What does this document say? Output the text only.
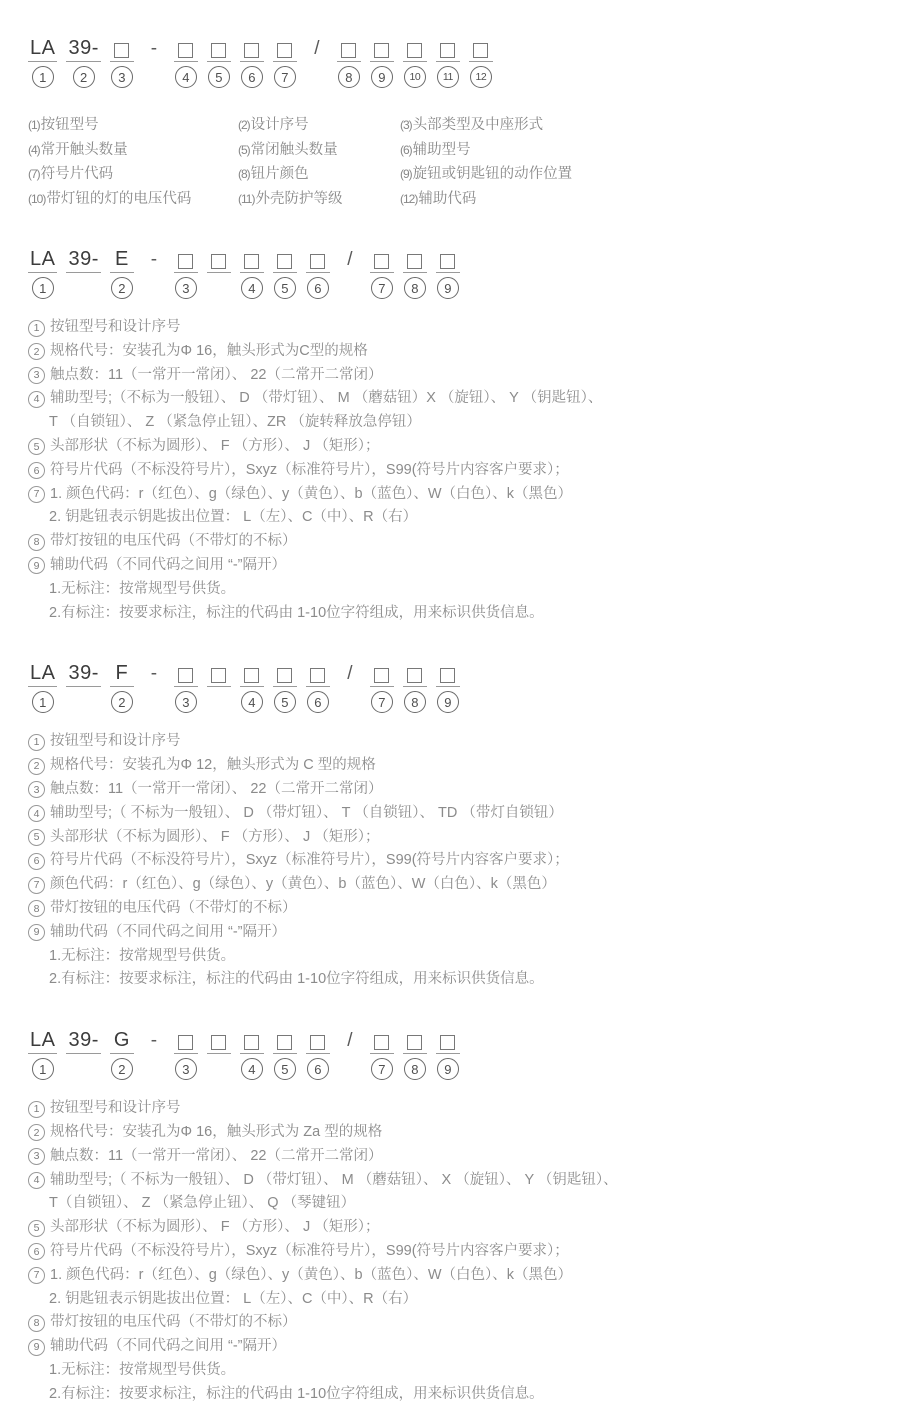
LA
1
39-
2	3
-
4	5	6	7
/
8	9	10	11	12
(1)按钮型号	(2)设计序号	(3)头部类型及中座形式
(4)常开触头数量	(5)常闭触头数量	(6)辅助型号
(7)符号片代码	(8)钮片颜色	(9)旋钮或钥匙钮的动作位置
(10)带灯钮的灯的电压代码	(11)外壳防护等级	(12)辅助代码
LA
1
39- E
2
-
3	4	5	6
/
7	8	9
1 按钮型号和设计序号
2 规格代号：安装孔为Φ 16，触头形式为C型的规格
3 触点数：11（一常开一常闭）、 22（二常开二常闭）
4 辅助型号;（不标为一般钮）、 D （带灯钮）、 M （蘑菇钮）X （旋钮）、 Y （钥匙钮）、
T （自锁钮）、 Z （紧急停止钮）、ZR （旋转释放急停钮）
5 头部形状（不标为圆形）、 F （方形）、 J （矩形）；
6 符号片代码（不标没符号片），Sxyz（标准符号片），S99(符号片内容客户要求）；
7 1. 颜色代码：r（红色）、g（绿色）、y（黄色）、b（蓝色）、W（白色）、k（黑色）
2. 钥匙钮表示钥匙拔出位置： L（左）、C（中）、R（右）
8 带灯按钮的电压代码（不带灯的不标）
9 辅助代码（不同代码之间用 “-”隔开）
1.无标注：按常规型号供货。
2.有标注：按要求标注，标注的代码由 1-10位字符组成，用来标识供货信息。
LA
1
39- F
2
-
3	4	5	6
/
7	8	9
1 按钮型号和设计序号
2 规格代号：安装孔为Φ 12，触头形式为 C 型的规格
3 触点数：11（一常开一常闭）、 22（二常开二常闭）
4 辅助型号;（ 不标为一般钮）、 D （带灯钮）、 T （自锁钮）、 TD （带灯自锁钮）
5 头部形状（不标为圆形）、 F （方形）、 J （矩形）；
6 符号片代码（不标没符号片），Sxyz（标准符号片），S99(符号片内容客户要求）；
7 颜色代码：r（红色）、g（绿色）、y（黄色）、b（蓝色）、W（白色）、k（黑色）
8 带灯按钮的电压代码（不带灯的不标）
9 辅助代码（不同代码之间用 “-”隔开）
1.无标注：按常规型号供货。
2.有标注：按要求标注，标注的代码由 1-10位字符组成，用来标识供货信息。
LA
1
39- G
2
-
3	4	5	6
/
7	8	9
1 按钮型号和设计序号
2 规格代号：安装孔为Φ 16，触头形式为 Za 型的规格
3 触点数：11（一常开一常闭）、 22（二常开二常闭）
4 辅助型号;（ 不标为一般钮）、 D （带灯钮）、 M （蘑菇钮）、 X （旋钮）、 Y （钥匙钮）、
T（自锁钮）、 Z （紧急停止钮）、 Q （琴键钮）
5 头部形状（不标为圆形）、 F （方形）、 J （矩形）；
6 符号片代码（不标没符号片），Sxyz（标准符号片），S99(符号片内容客户要求）；
7 1. 颜色代码：r（红色）、g（绿色）、y（黄色）、b（蓝色）、W（白色）、k（黑色）
2. 钥匙钮表示钥匙拔出位置： L（左）、C（中）、R（右）
8 带灯按钮的电压代码（不带灯的不标）
9 辅助代码（不同代码之间用 “-”隔开）
1.无标注：按常规型号供货。
2.有标注：按要求标注，标注的代码由 1-10位字符组成，用来标识供货信息。
